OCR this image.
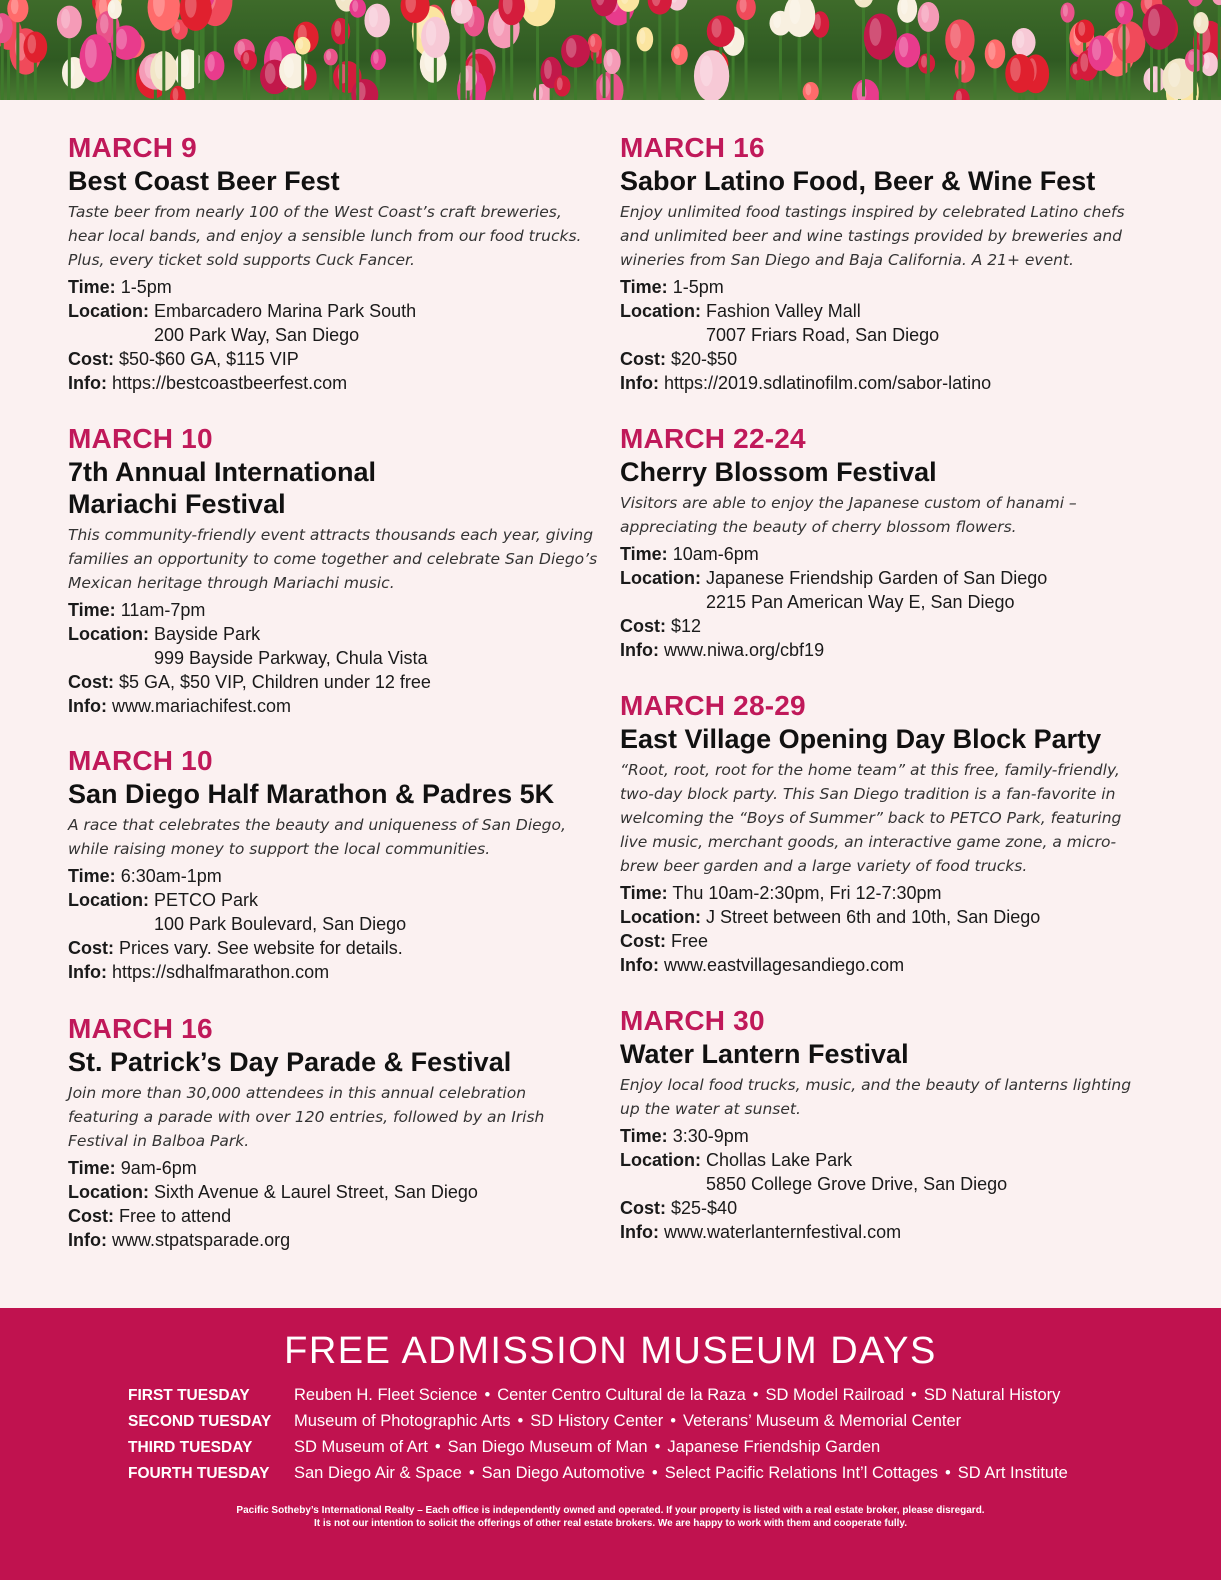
MARCH 9
Best Coast Beer Fest
Taste beer from nearly 100 of the West Coast’s craft breweries, hear local bands, and enjoy a sensible lunch from our food trucks. Plus, every ticket sold supports Cuck Fancer.
Time: 1-5pm
Location: Embarcadero Marina Park South
200 Park Way, San Diego
Cost: $50-$60 GA, $115 VIP
Info: https://bestcoastbeerfest.com
MARCH 10
7th Annual International
Mariachi Festival
This community-friendly event attracts thousands each year, giving families an opportunity to come together and celebrate San Diego’s Mexican heritage through Mariachi music.
Time: 11am-7pm
Location: Bayside Park
999 Bayside Parkway, Chula Vista
Cost: $5 GA, $50 VIP, Children under 12 free
Info: www.mariachifest.com
MARCH 10
San Diego Half Marathon & Padres 5K
A race that celebrates the beauty and uniqueness of San Diego, while raising money to support the local communities.
Time: 6:30am-1pm
Location: PETCO Park
100 Park Boulevard, San Diego
Cost: Prices vary. See website for details.
Info: https://sdhalfmarathon.com
MARCH 16
St. Patrick’s Day Parade & Festival
Join more than 30,000 attendees in this annual celebration featuring a parade with over 120 entries, followed by an Irish Festival in Balboa Park.
Time: 9am-6pm
Location: Sixth Avenue & Laurel Street, San Diego
Cost: Free to attend
Info: www.stpatsparade.org
MARCH 16
Sabor Latino Food, Beer & Wine Fest
Enjoy unlimited food tastings inspired by celebrated Latino chefs and unlimited beer and wine tastings provided by breweries and wineries from San Diego and Baja California. A 21+ event.
Time: 1-5pm
Location: Fashion Valley Mall
7007 Friars Road, San Diego
Cost: $20-$50
Info: https://2019.sdlatinofilm.com/sabor-latino
MARCH 22-24
Cherry Blossom Festival
Visitors are able to enjoy the Japanese custom of hanami – appreciating the beauty of cherry blossom flowers.
Time: 10am-6pm
Location: Japanese Friendship Garden of San Diego
2215 Pan American Way E, San Diego
Cost: $12
Info: www.niwa.org/cbf19
MARCH 28-29
East Village Opening Day Block Party
“Root, root, root for the home team” at this free, family-friendly, two-day block party. This San Diego tradition is a fan-favorite in welcoming the “Boys of Summer” back to PETCO Park, featuring live music, merchant goods, an interactive game zone, a micro-brew beer garden and a large variety of food trucks.
Time: Thu 10am-2:30pm, Fri 12-7:30pm
Location: J Street between 6th and 10th, San Diego
Cost: Free
Info: www.eastvillagesandiego.com
MARCH 30
Water Lantern Festival
Enjoy local food trucks, music, and the beauty of lanterns lighting up the water at sunset.
Time: 3:30-9pm
Location: Chollas Lake Park
5850 College Grove Drive, San Diego
Cost: $25-$40
Info: www.waterlanternfestival.com
FREE ADMISSION MUSEUM DAYS
FIRST TUESDAY	Reuben H. Fleet Science • Center Centro Cultural de la Raza • SD Model Railroad • SD Natural History
SECOND TUESDAY Museum of Photographic Arts • SD History Center • Veterans’ Museum & Memorial Center
THIRD TUESDAY	SD Museum of Art • San Diego Museum of Man • Japanese Friendship Garden
FOURTH TUESDAY San Diego Air & Space • San Diego Automotive • Select Pacific Relations Int’l Cottages • SD Art Institute
Pacific Sotheby’s International Realty – Each office is independently owned and operated. If your property is listed with a real estate broker, please disregard.
It is not our intention to solicit the offerings of other real estate brokers. We are happy to work with them and cooperate fully.
